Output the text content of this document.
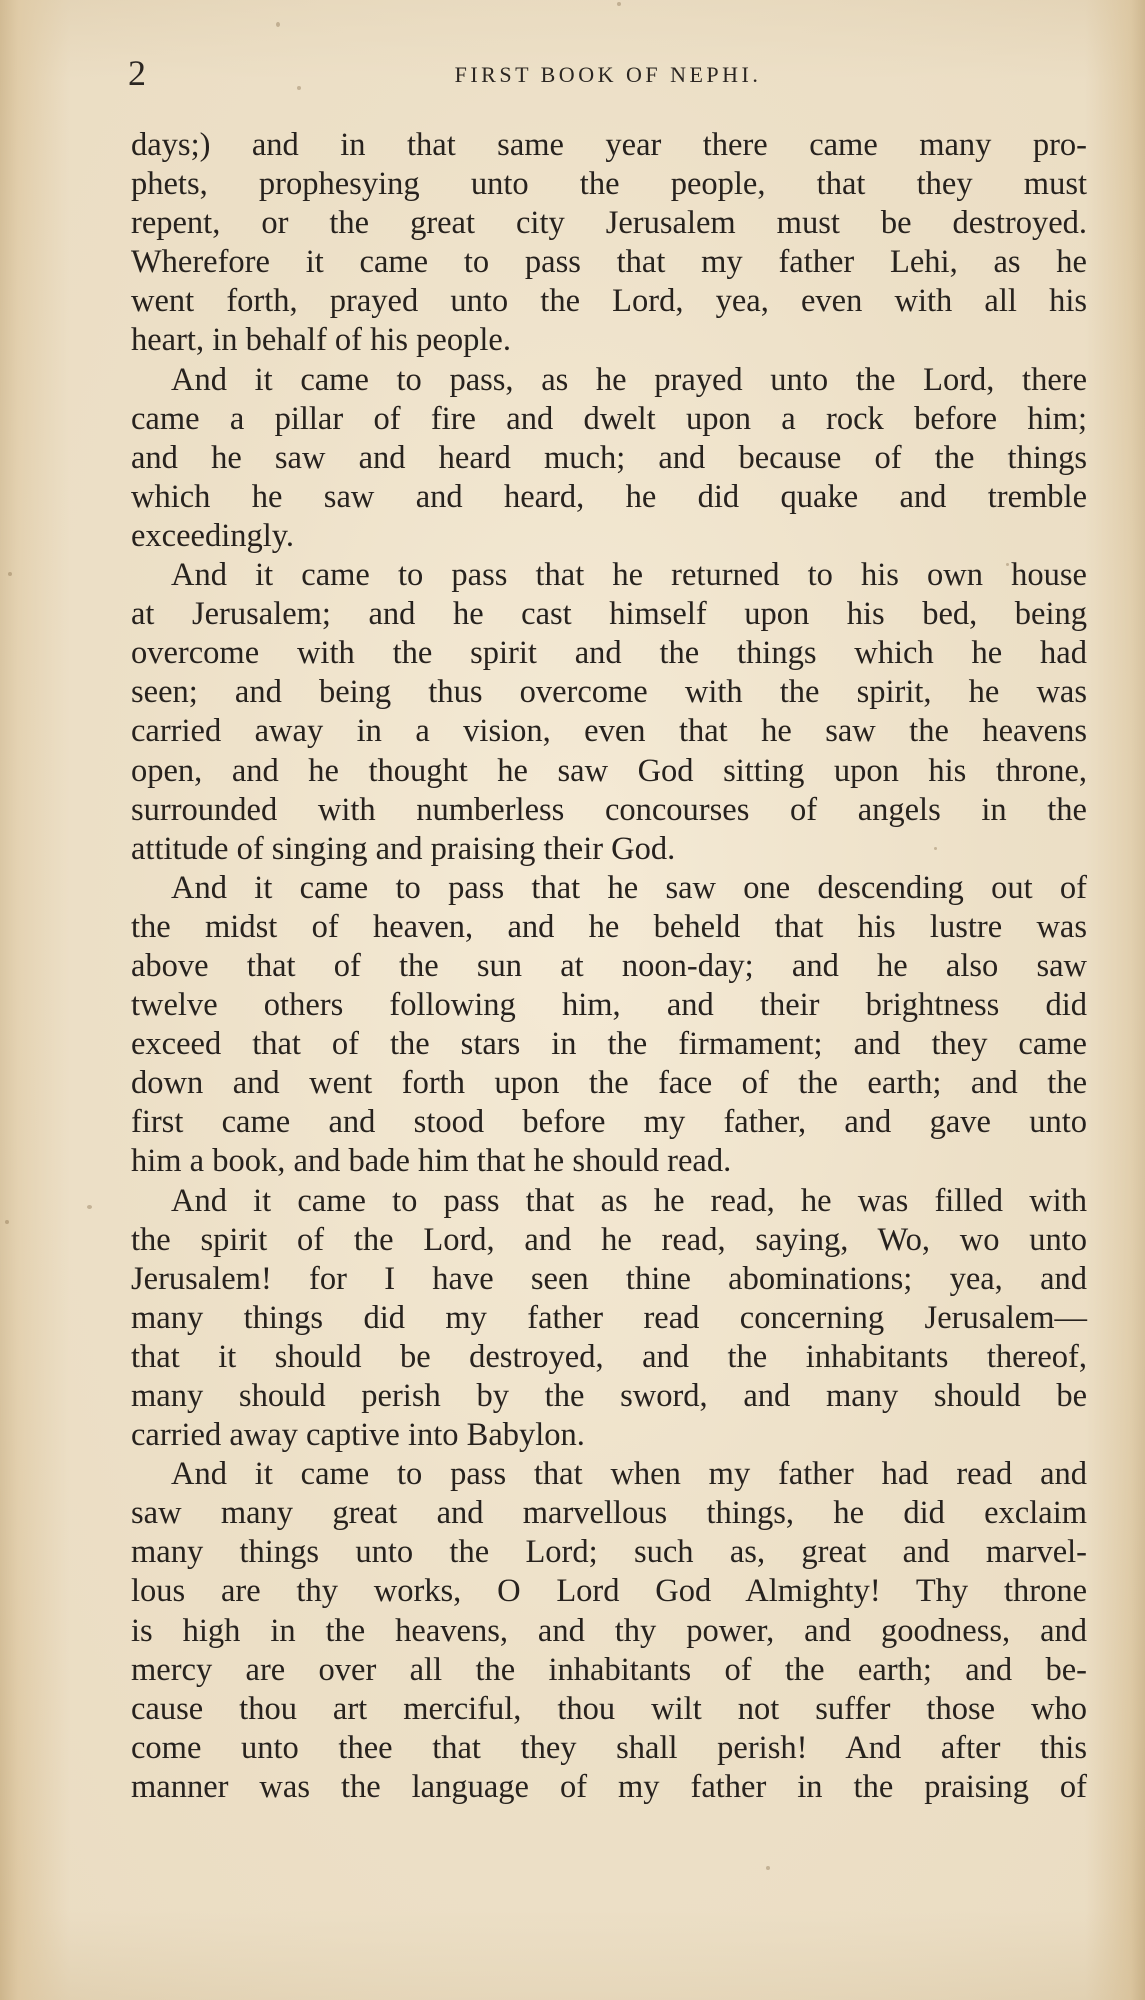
2	FIRST BOOK OF NEPHI.
days;) and in that same year there came many pro-
phets, prophesying unto the people, that they must
repent, or the great city Jerusalem must be destroyed.
Wherefore it came to pass that my father Lehi, as he
went forth, prayed unto the Lord, yea, even with all his
heart, in behalf of his people.
And it came to pass, as he prayed unto the Lord, there
came a pillar of fire and dwelt upon a rock before him;
and he saw and heard much; and because of the things
which he saw and heard, he did quake and tremble
exceedingly.
And it came to pass that he returned to his own house
at Jerusalem; and he cast himself upon his bed, being
overcome with the spirit and the things which he had
seen; and being thus overcome with the spirit, he was
carried away in a vision, even that he saw the heavens
open, and he thought he saw God sitting upon his throne,
surrounded with numberless concourses of angels in the
attitude of singing and praising their God.
And it came to pass that he saw one descending out of
the midst of heaven, and he beheld that his lustre was
above that of the sun at noon-day; and he also saw
twelve others following him, and their brightness did
exceed that of the stars in the firmament; and they came
down and went forth upon the face of the earth; and the
first came and stood before my father, and gave unto
him a book, and bade him that he should read.
And it came to pass that as he read, he was filled with
the spirit of the Lord, and he read, saying, Wo, wo unto
Jerusalem! for I have seen thine abominations; yea, and
many things did my father read concerning Jerusalem—
that it should be destroyed, and the inhabitants thereof,
many should perish by the sword, and many should be
carried away captive into Babylon.
And it came to pass that when my father had read and
saw many great and marvellous things, he did exclaim
many things unto the Lord; such as, great and marvel-
lous are thy works, O Lord God Almighty! Thy throne
is high in the heavens, and thy power, and goodness, and
mercy are over all the inhabitants of the earth; and be-
cause thou art merciful, thou wilt not suffer those who
come unto thee that they shall perish! And after this
manner was the language of my father in the praising of
